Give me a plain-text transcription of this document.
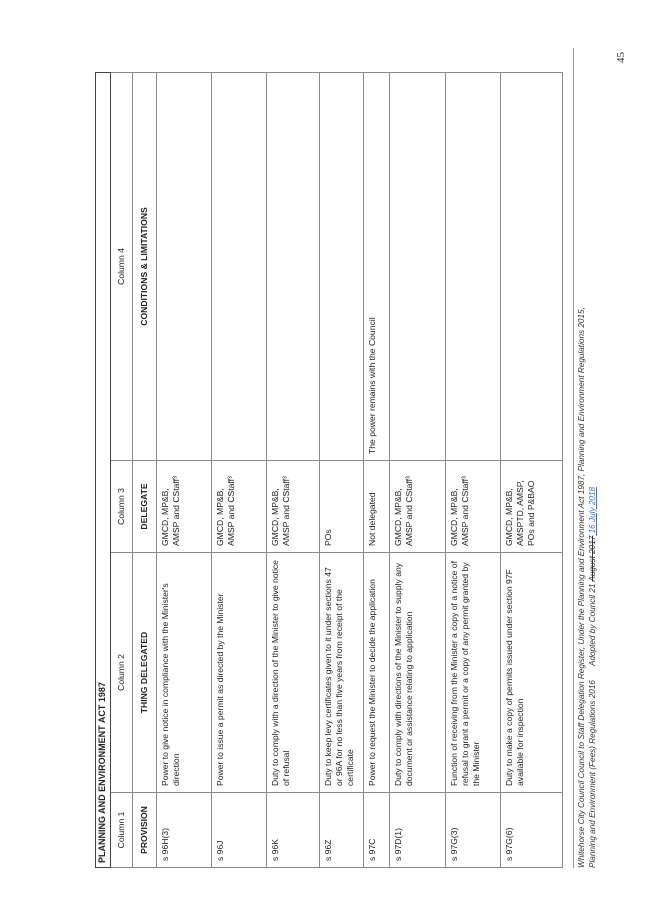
PLANNING AND ENVIRONMENT ACT 1987			
Column 1	Column 2	Column 3	Column 4
PROVISION	THING DELEGATED	DELEGATE	CONDITIONS & LIMITATIONS
s 96H(3)	Power to give notice in compliance with the Minister's direction	GMCD, MP&B, AMSP and CStaff³	
s 96J	Power to issue a permit as directed by the Minister	GMCD, MP&B, AMSP and CStaff³	
s 96K	Duty to comply with a direction of the Minister to give notice of refusal	GMCD, MP&B, AMSP and CStaff³	
s 96Z	Duty to keep levy certificates given to it under sections 47 or 96A for no less than five years from receipt of the certificate	POs	
s 97C	Power to request the Minister to decide the application	Not delegated	The power remains with the Council
s 97D(1)	Duty to comply with directions of the Minister to supply any document or assistance relating to application	GMCD, MP&B, AMSP and CStaff³	
s 97G(3)	Function of receiving from the Minister a copy of a notice of refusal to grant a permit or a copy of any permit granted by the Minister	GMCD, MP&B, AMSP and CStaff³	
s 97G(6)	Duty to make a copy of permits issued under section 97F available for inspection	GMCD, MP&B, AMSPTD, AMSP, POs and P&BAO		Whitehorse City Council Council to Staff Delegation Register, Under the Planning and Environment Act 1987, Planning and Environment Regulations 2015, Planning and Environment (Fees) Regulations 2016Adopted by Council 21 August 2017 16 July 2018
45
